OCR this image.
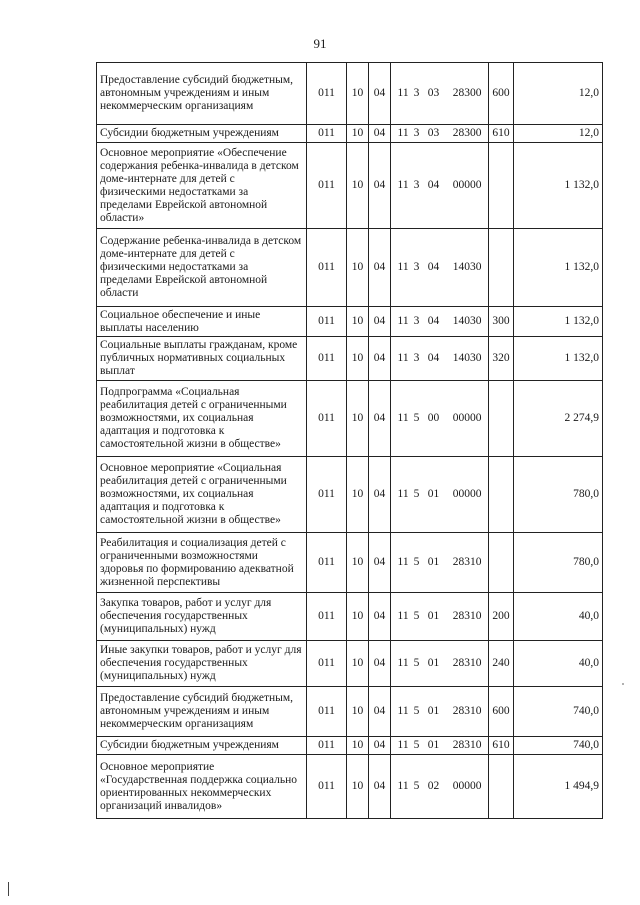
91
Предоставление субсидий бюджетным, автономным учреждениям и иным некоммерческим организациям	011	10	04	11 3 03 28300	600	12,0
Субсидии бюджетным учреждениям	011	10	04	11 3 03 28300	610	12,0
Основное мероприятие «Обеспечение содержания ребенка-инвалида в детском доме-интернате для детей с физическими недостатками за пределами Еврейской автономной области»	011	10	04	11 3 04 00000		1 132,0
Содержание ребенка-инвалида в детском доме-интернате для детей с физическими недостатками за пределами Еврейской автономной области	011	10	04	11 3 04 14030		1 132,0
Социальное обеспечение и иные выплаты населению	011	10	04	11 3 04 14030	300	1 132,0
Социальные выплаты гражданам, кроме публичных нормативных социальных выплат	011	10	04	11 3 04 14030	320	1 132,0
Подпрограмма «Социальная реабилитация детей с ограниченными возможностями, их социальная адаптация и подготовка к самостоятельной жизни в обществе»	011	10	04	11 5 00 00000		2 274,9
Основное мероприятие «Социальная реабилитация детей с ограниченными возможностями, их социальная адаптация и подготовка к самостоятельной жизни в обществе»	011	10	04	11 5 01 00000		780,0
Реабилитация и социализация детей с ограниченными возможностями здоровья по формированию адекватной жизненной перспективы	011	10	04	11 5 01 28310		780,0
Закупка товаров, работ и услуг для обеспечения государственных (муниципальных) нужд	011	10	04	11 5 01 28310	200	40,0
Иные закупки товаров, работ и услуг для обеспечения государственных (муниципальных) нужд	011	10	04	11 5 01 28310	240	40,0
Предоставление субсидий бюджетным, автономным учреждениям и иным некоммерческим организациям	011	10	04	11 5 01 28310	600	740,0
Субсидии бюджетным учреждениям	011	10	04	11 5 01 28310	610	740,0
Основное мероприятие «Государственная поддержка социально ориентированных некоммерческих организаций инвалидов»	011	10	04	11 5 02 00000		1 494,9
